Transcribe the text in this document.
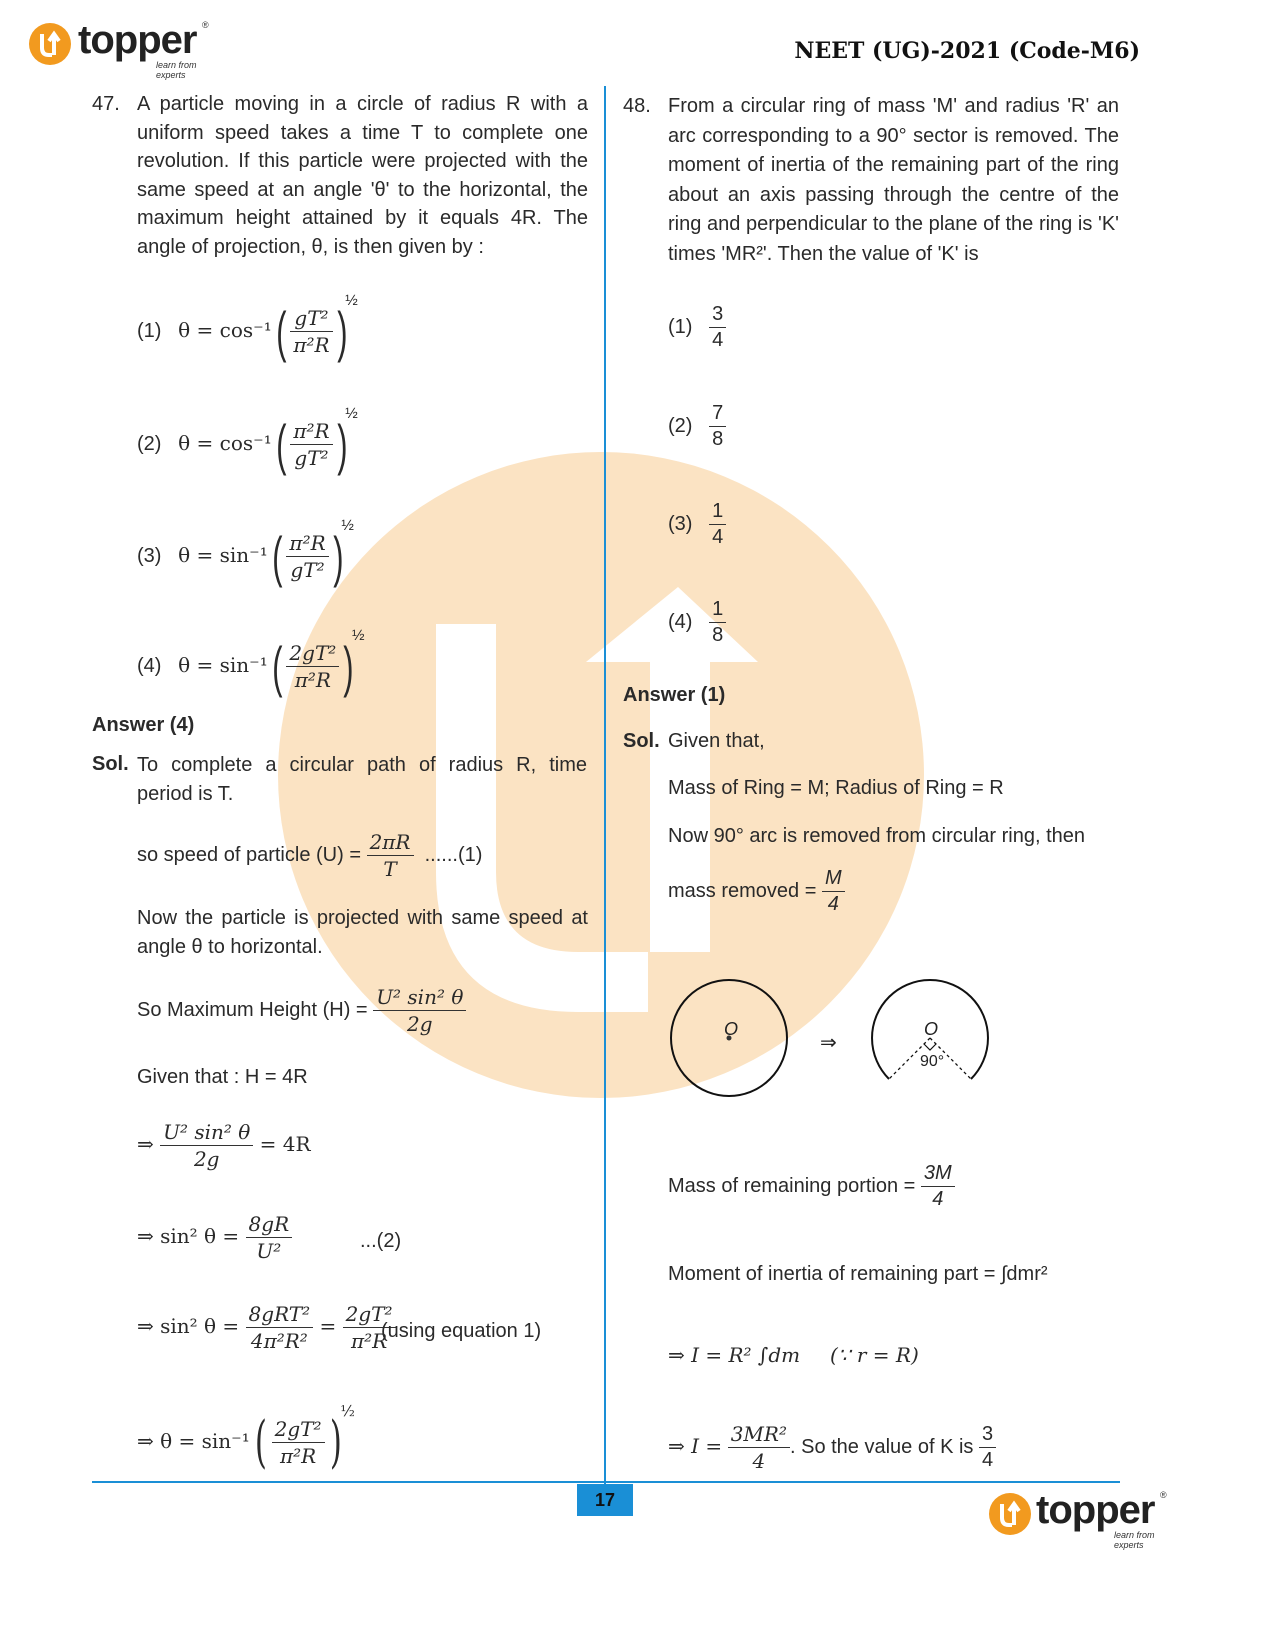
topper
learn from experts
®
NEET (UG)-2021 (Code-M6)
47. A particle moving in a circle of radius R with a uniform speed takes a time T to complete one revolution. If this particle were projected with the same speed at an angle 'θ' to the horizontal, the maximum height attained by it equals 4R. The angle of projection, θ, is then given by :
(1) $\theta = \cos^{-1}( \frac{\text{gT²}}{\text{π²R}} )^{\frac{1}{2}}$
(2) $\theta = \cos^{-1}( \frac{\text{π²R}}{\text{gT²}} )^{\frac{1}{2}}$
(3) $\theta = \sin^{-1}( \frac{\text{π²R}}{\text{gT²}} )^{\frac{1}{2}}$
(4) $\theta = \sin^{-1}( \frac{\text{2gT²}}{\text{π²R}} )^{\frac{1}{2}}$
Answer (4)
Sol. To complete a circular path of radius R, time period is T.
so speed of particle $(U) = \frac{2\pi R}{T} ......(1)$
Now the particle is projected with same speed at angle θ to horizontal.
So Maximum Height $(H) = \frac{\text{U² sin² θ}}{2g}$
Given that : H = 4R
⇒ $\frac{\text{U² sin² θ}}{2g} = 4R$
⇒ sin² $\theta = \frac{8gR}{\text{U²}}$	...(2)
⇒ sin² $\theta = \frac{\text{8gRT²}}{\text{4π²R²}} = \frac{\text{2gT²}}{\text{π²R}}$
(using equation 1)
⇒ $\theta = \sin^{-1}( \frac{\text{2gT²}}{\text{π²R}} )^{\frac{1}{2}}$
48. From a circular ring of mass 'M' and radius 'R' an arc corresponding to a 90° sector is removed. The moment of inertia of the remaining part of the ring about an axis passing through the centre of the ring and perpendicular to the plane of the ring is 'K' times 'MR²'. Then the value of 'K' is
$(1) \frac{3}{4}$
$(2) \frac{7}{8}$
$(3) \frac{1}{4}$
$(4) \frac{1}{8}$
Answer (1)
Sol. Given that,
Mass of Ring = M; Radius of Ring = R
Now 90° arc is removed from circular ring, then
mass removed = $\frac{M}{4}$
O
⇒
O
90°
Mass of remaining portion = $\frac{3M}{4}$
Moment of inertia of remaining part = ∫dmr²
⇒ I = R² ∫dm (∵ r = R)
⇒ $I = \frac{\text{3MR²}}{4}$ . So the value of K is $\frac{3}{4}$
17	topper
learn from experts
®
